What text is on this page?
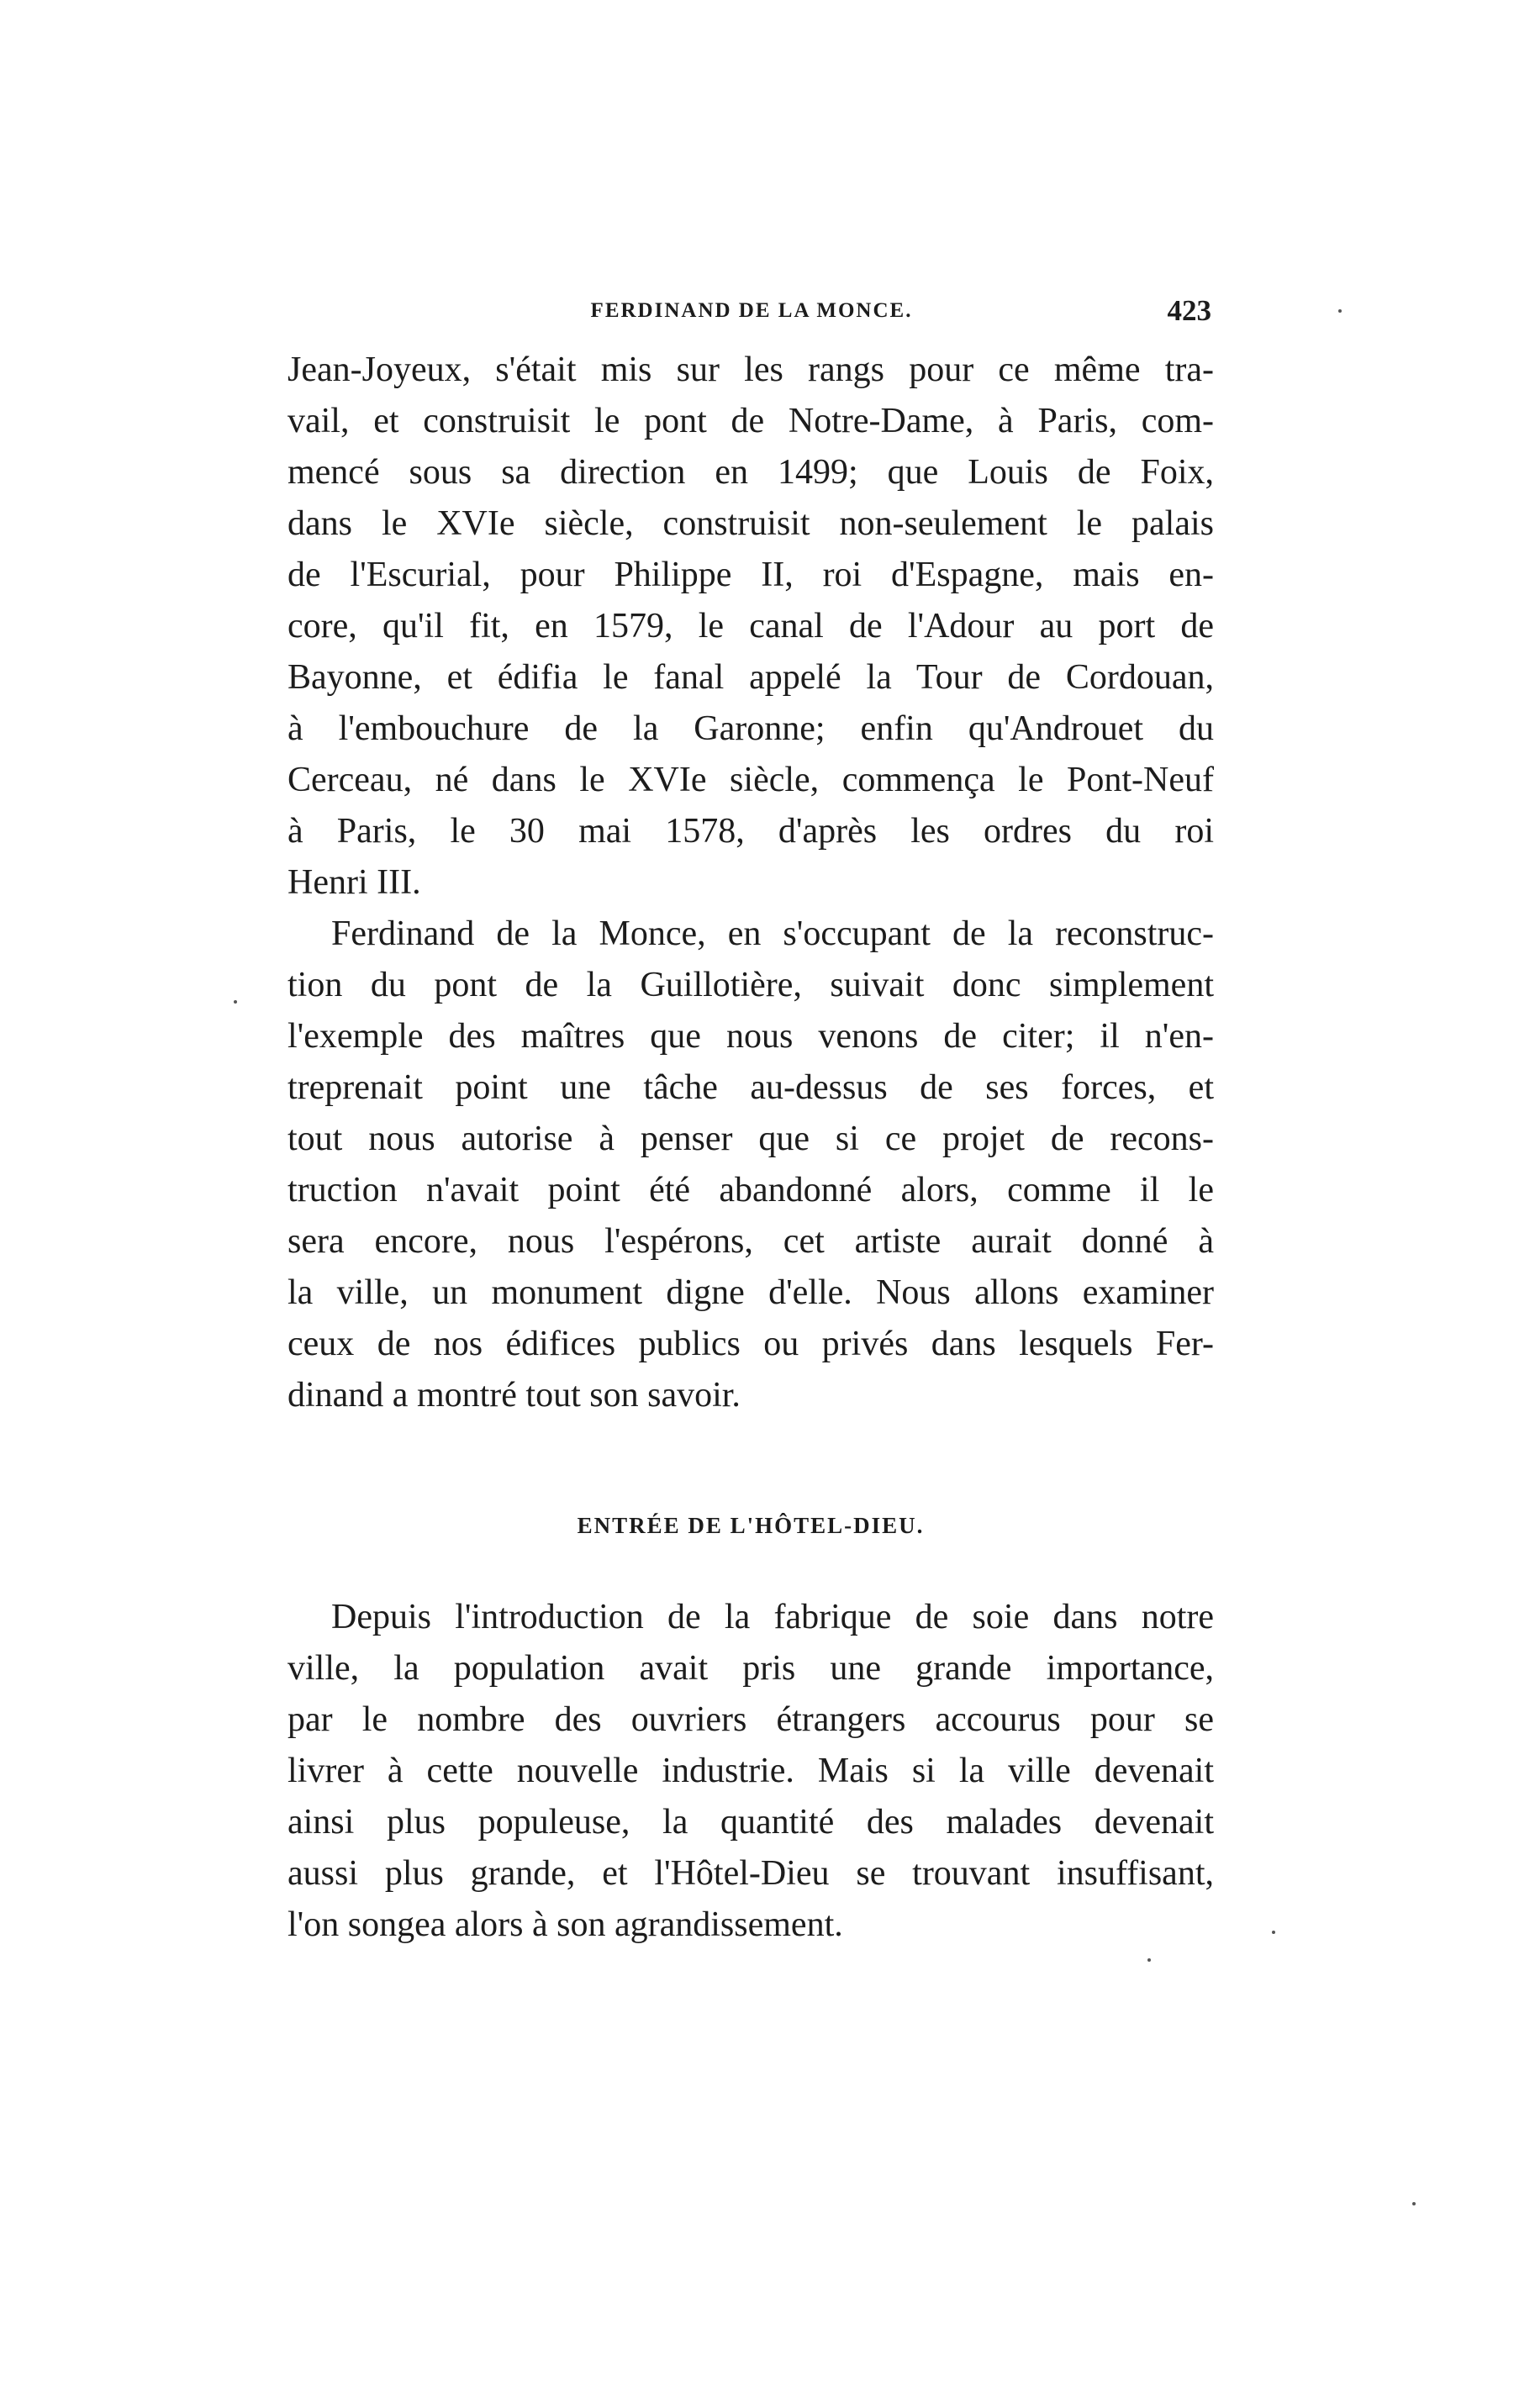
FERDINAND DE LA MONCE.	423
Jean-Joyeux, s'était mis sur les rangs pour ce même tra-
vail, et construisit le pont de Notre-Dame, à Paris, com-
mencé sous sa direction en 1499; que Louis de Foix,
dans le XVIe siècle, construisit non-seulement le palais
de l'Escurial, pour Philippe II, roi d'Espagne, mais en-
core, qu'il fit, en 1579, le canal de l'Adour au port de
Bayonne, et édifia le fanal appelé la Tour de Cordouan,
à l'embouchure de la Garonne; enfin qu'Androuet du
Cerceau, né dans le XVIe siècle, commença le Pont-Neuf
à Paris, le 30 mai 1578, d'après les ordres du roi
Henri III.
Ferdinand de la Monce, en s'occupant de la reconstruc-
tion du pont de la Guillotière, suivait donc simplement
l'exemple des maîtres que nous venons de citer; il n'en-
treprenait point une tâche au-dessus de ses forces, et
tout nous autorise à penser que si ce projet de recons-
truction n'avait point été abandonné alors, comme il le
sera encore, nous l'espérons, cet artiste aurait donné à
la ville, un monument digne d'elle. Nous allons examiner
ceux de nos édifices publics ou privés dans lesquels Fer-
dinand a montré tout son savoir.
ENTRÉE DE L'HÔTEL-DIEU.
Depuis l'introduction de la fabrique de soie dans notre
ville, la population avait pris une grande importance,
par le nombre des ouvriers étrangers accourus pour se
livrer à cette nouvelle industrie. Mais si la ville devenait
ainsi plus populeuse, la quantité des malades devenait
aussi plus grande, et l'Hôtel-Dieu se trouvant insuffisant,
l'on songea alors à son agrandissement.
